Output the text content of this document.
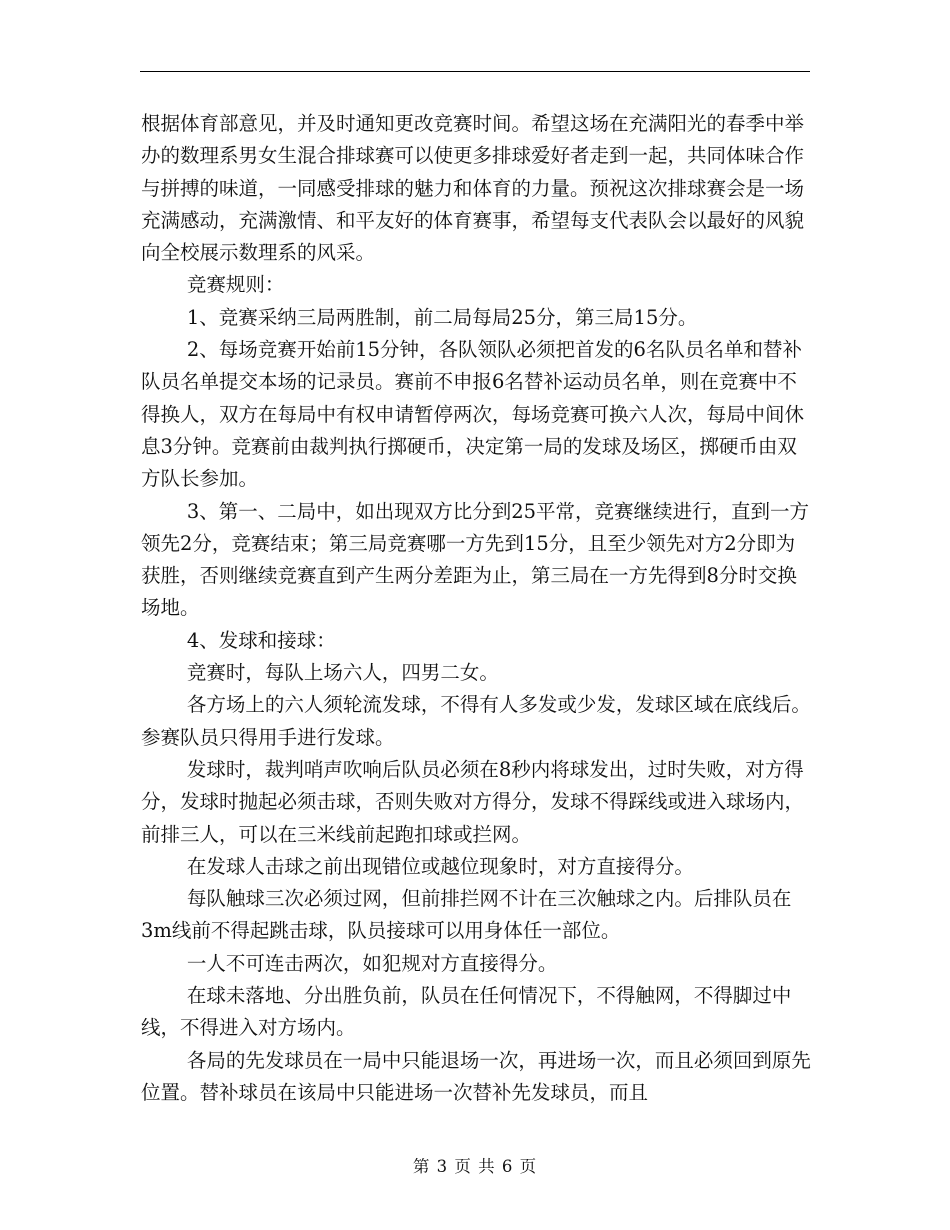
根据体育部意见，并及时通知更改竞赛时间。希望这场在充满阳光的春季中举办的数理系男女生混合排球赛可以使更多排球爱好者走到一起，共同体味合作与拼搏的味道，一同感受排球的魅力和体育的力量。预祝这次排球赛会是一场充满感动，充满激情、和平友好的体育赛事，希望每支代表队会以最好的风貌向全校展示数理系的风采。

竞赛规则：

1、竞赛采纳三局两胜制，前二局每局25分，第三局15分。

2、每场竞赛开始前15分钟，各队领队必须把首发的6名队员名单和替补队员名单提交本场的记录员。赛前不申报6名替补运动员名单，则在竞赛中不得换人，双方在每局中有权申请暂停两次，每场竞赛可换六人次，每局中间休息3分钟。竞赛前由裁判执行掷硬币，决定第一局的发球及场区，掷硬币由双方队长参加。

3、第一、二局中，如出现双方比分到25平常，竞赛继续进行，直到一方领先2分，竞赛结束；第三局竞赛哪一方先到15分，且至少领先对方2分即为获胜，否则继续竞赛直到产生两分差距为止，第三局在一方先得到8分时交换场地。

4、发球和接球：

竞赛时，每队上场六人，四男二女。

各方场上的六人须轮流发球，不得有人多发或少发，发球区域在底线后。参赛队员只得用手进行发球。

发球时，裁判哨声吹响后队员必须在8秒内将球发出，过时失败，对方得分，发球时抛起必须击球，否则失败对方得分，发球不得踩线或进入球场内，前排三人，可以在三米线前起跑扣球或拦网。

在发球人击球之前出现错位或越位现象时，对方直接得分。

每队触球三次必须过网，但前排拦网不计在三次触球之内。后排队员在3m线前不得起跳击球，队员接球可以用身体任一部位。

一人不可连击两次，如犯规对方直接得分。

在球未落地、分出胜负前，队员在任何情况下，不得触网，不得脚过中线，不得进入对方场内。

各局的先发球员在一局中只能退场一次，再进场一次，而且必须回到原先位置。替补球员在该局中只能进场一次替补先发球员，而且

第 3 页 共 6 页
